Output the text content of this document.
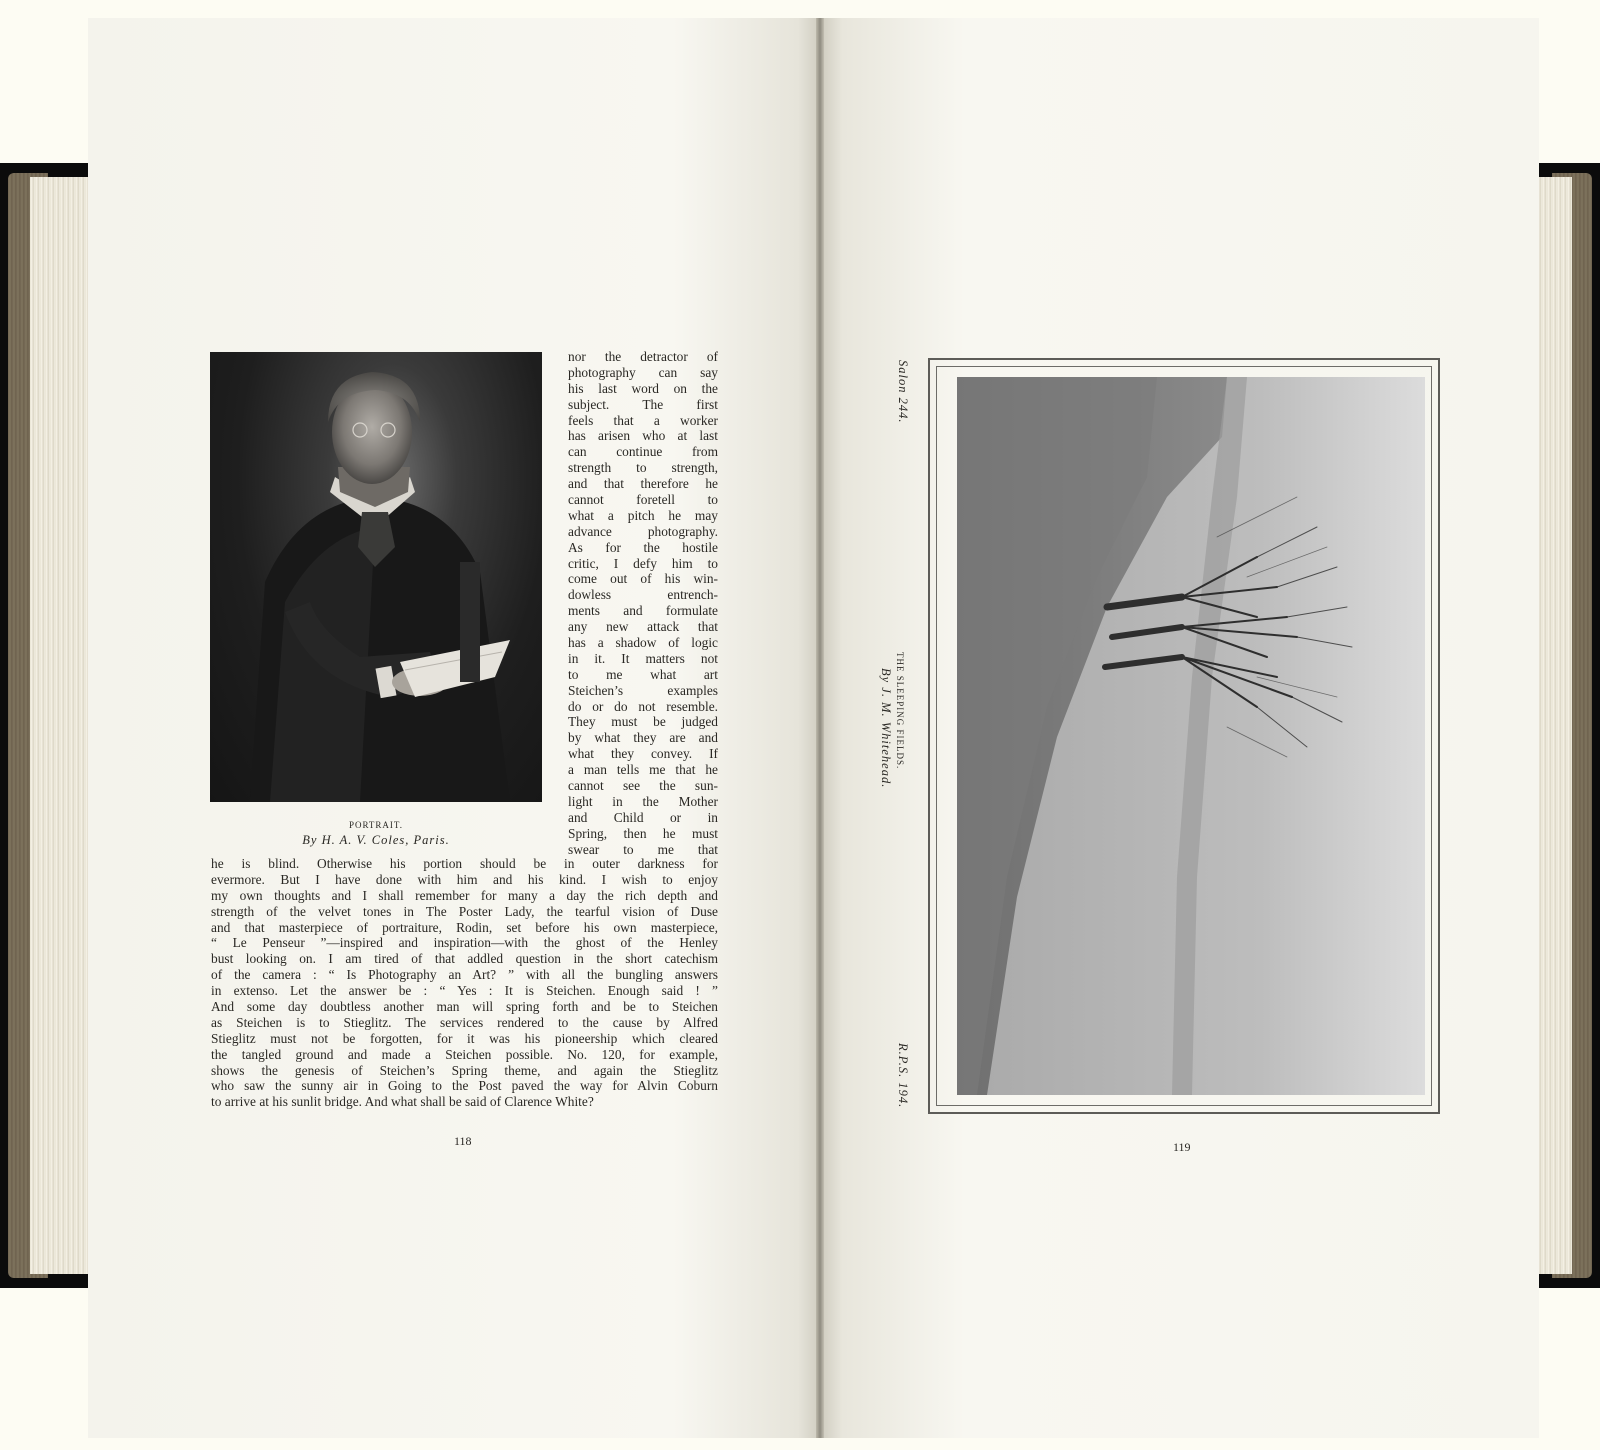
PORTRAIT.
By H. A. V. Coles, Paris.
nor the detractor of
photography can say
his last word on the
subject. The first
feels that a worker
has arisen who at last
can continue from
strength to strength,
and that therefore he
cannot foretell to
what a pitch he may
advance photography.
As for the hostile
critic, I defy him to
come out of his win-
dowless entrench-
ments and formulate
any new attack that
has a shadow of logic
in it. It matters not
to me what art
Steichen’s examples
do or do not resemble.
They must be judged
by what they are and
what they convey. If
a man tells me that he
cannot see the sun-
light in the Mother
and Child or in
Spring, then he must
swear to me that
he is blind. Otherwise his portion should be in outer darkness for
evermore. But I have done with him and his kind. I wish to enjoy
my own thoughts and I shall remember for many a day the rich depth and
strength of the velvet tones in The Poster Lady, the tearful vision of Duse
and that masterpiece of portraiture, Rodin, set before his own masterpiece,
“ Le Penseur ”—inspired and inspiration—with the ghost of the Henley
bust looking on. I am tired of that addled question in the short catechism
of the camera : “ Is Photography an Art? ” with all the bungling answers
in extenso. Let the answer be : “ Yes : It is Steichen. Enough said ! ”
And some day doubtless another man will spring forth and be to Steichen
as Steichen is to Stieglitz. The services rendered to the cause by Alfred
Stieglitz must not be forgotten, for it was his pioneership which cleared
the tangled ground and made a Steichen possible. No. 120, for example,
shows the genesis of Steichen’s Spring theme, and again the Stieglitz
who saw the sunny air in Going to the Post paved the way for Alvin Coburn
to arrive at his sunlit bridge. And what shall be said of Clarence White?
118
Salon 244.
THE SLEEPING FIELDS.
By J. M. Whitehead.
R.P.S. 194.
119
